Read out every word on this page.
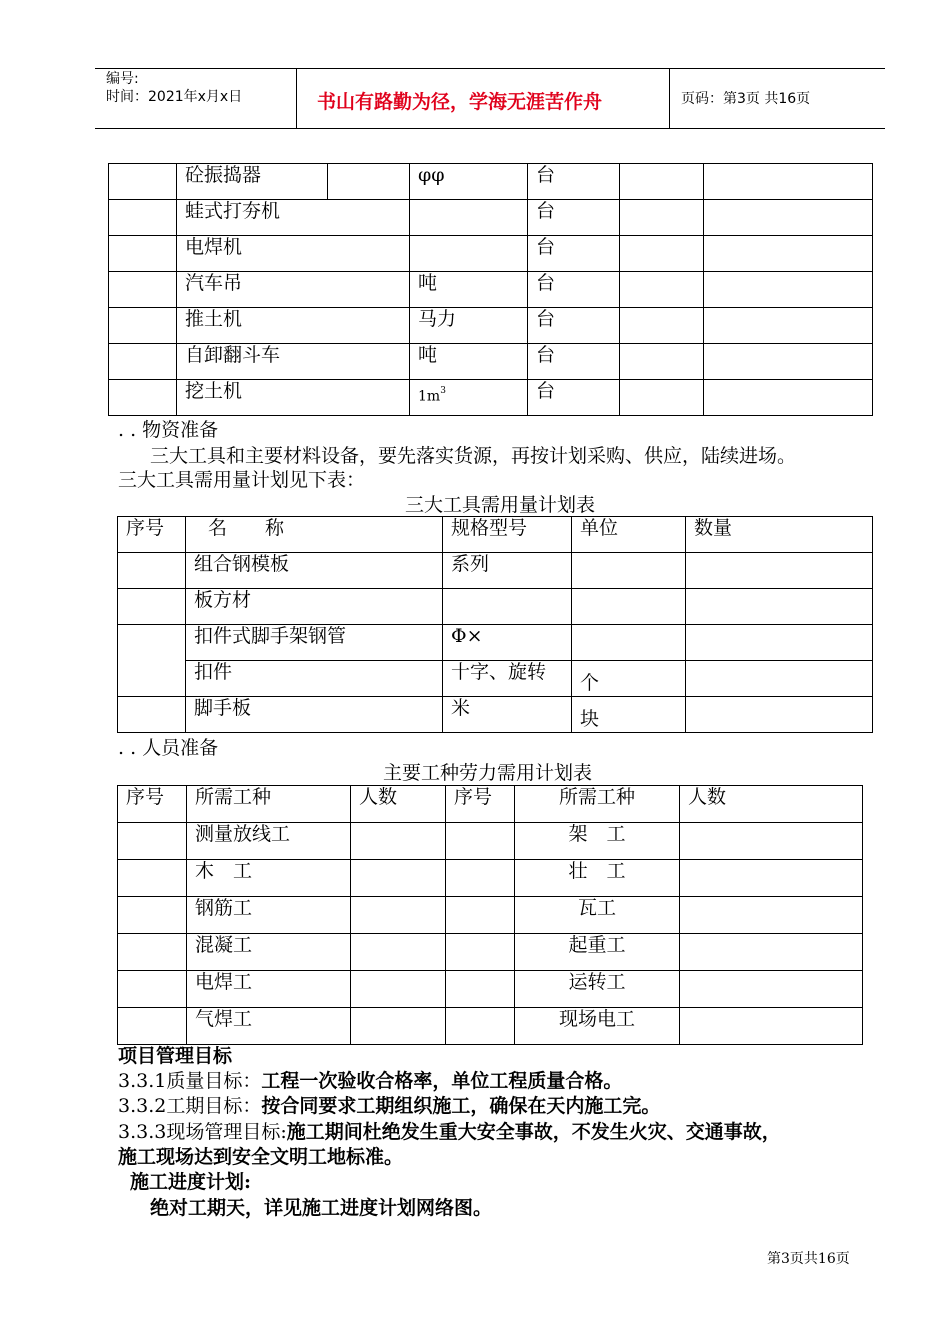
编号:
时间：2021年x月x日	书山有路勤为径，学海无涯苦作舟	页码：第3页 共16页
	砼振捣器		φφ	台		
	蛙式打夯机			台		
	电焊机			台		
	汽车吊		吨	台		
	推土机		马力	台		
	自卸翻斗车		吨	台		
	挖土机		$1m^3$	台		
. . 物资准备
三大工具和主要材料设备，要先落实货源，再按计划采购、供应，陆续进场。
三大工具需用量计划见下表：
三大工具需用量计划表
序号	名　　称	规格型号	单位	数量
	组合钢模板	系列		
	板方材			
	扣件式脚手架钢管	Φ×		
	扣件	十字、旋转	个	
	脚手板	米	块	
. . 人员准备
主要工种劳力需用计划表
序号	所需工种	人数	序号	所需工种	人数
	测量放线工			架　工	
	木　工			壮　工	
	钢筋工			瓦工	
	混凝工			起重工	
	电焊工			运转工	
	气焊工			现场电工	
项目管理目标
3.3.1质量目标：工程一次验收合格率，单位工程质量合格。
3.3.2工期目标：按合同要求工期组织施工，确保在天内施工完。
3.3.3现场管理目标:施工期间杜绝发生重大安全事故，不发生火灾、交通事故，
施工现场达到安全文明工地标准。
施工进度计划:
绝对工期天，详见施工进度计划网络图。
第3页共16页
